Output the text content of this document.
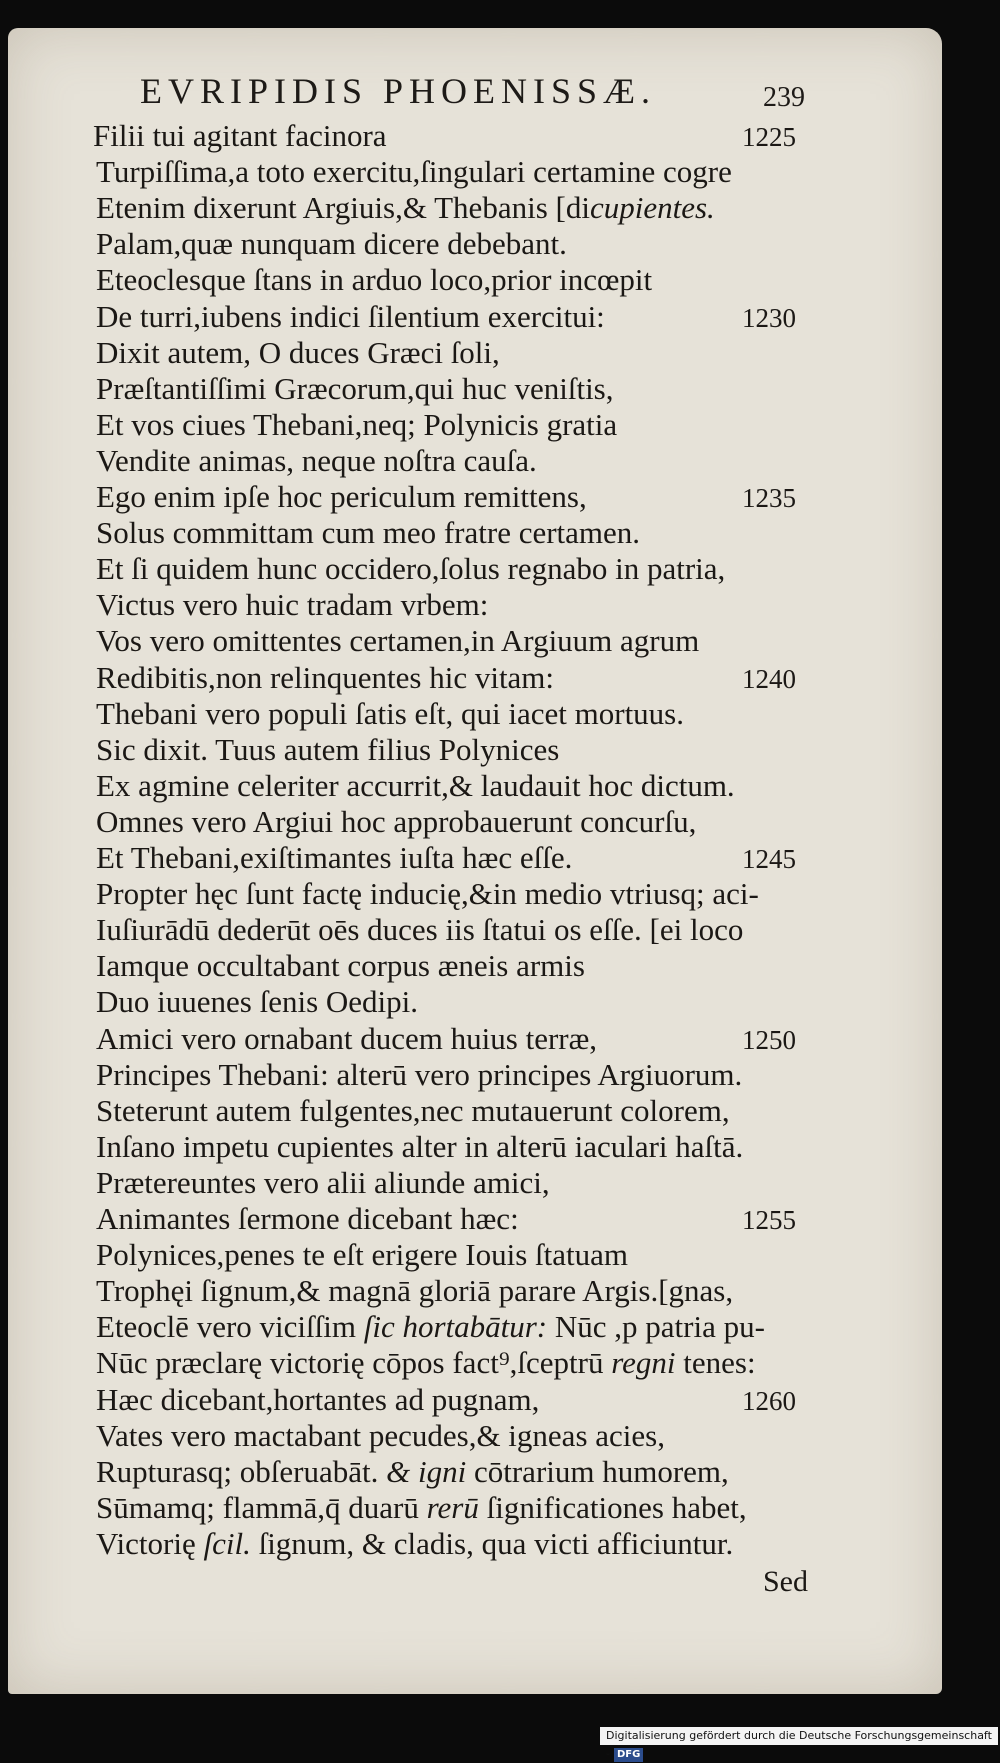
EVRIPIDIS PHOENISSÆ.	239
Filii tui agitant facinora	1225
Turpiſſima,a toto exercitu,ſingulari certamine cogre
Etenim dixerunt Argiuis,& Thebanis [dicupientes.
Palam,quæ nunquam dicere debebant.
Eteoclesque ſtans in arduo loco,prior incœpit
De turri,iubens indici ſilentium exercitui:	1230
Dixit autem, O duces Græci ſoli,
Præſtantiſſimi Græcorum,qui huc veniſtis,
Et vos ciues Thebani,neq; Polynicis gratia
Vendite animas, neque noſtra cauſa.
Ego enim ipſe hoc periculum remittens,	1235
Solus committam cum meo fratre certamen.
Et ſi quidem hunc occidero,ſolus regnabo in patria,
Victus vero huic tradam vrbem:
Vos vero omittentes certamen,in Argiuum agrum
Redibitis,non relinquentes hic vitam:	1240
Thebani vero populi ſatis eſt, qui iacet mortuus.
Sic dixit. Tuus autem filius Polynices
Ex agmine celeriter accurrit,& laudauit hoc dictum.
Omnes vero Argiui hoc approbauerunt concurſu,
Et Thebani,exiſtimantes iuſta hæc eſſe.	1245
Propter hęc ſunt factę inducię,&in medio vtriusq; aci-
Iuſiurādū dederūt oēs duces iis ſtatui os eſſe. [ei loco
Iamque occultabant corpus æneis armis
Duo iuuenes ſenis Oedipi.
Amici vero ornabant ducem huius terræ,	1250
Principes Thebani: alterū vero principes Argiuorum.
Steterunt autem fulgentes,nec mutauerunt colorem,
Inſano impetu cupientes alter in alterū iaculari haſtā.
Prætereuntes vero alii aliunde amici,
Animantes ſermone dicebant hæc:	1255
Polynices,penes te eſt erigere Iouis ſtatuam
Trophęi ſignum,& magnā gloriā parare Argis.[gnas,
Eteoclē vero viciſſim ſic hortabātur: Nūc ,p patria pu-
Nūc præclarę victorię cōpos fact⁹,ſceptrū regni tenes:
Hæc dicebant,hortantes ad pugnam,	1260
Vates vero mactabant pecudes,& igneas acies,
Rupturasq; obſeruabāt. & igni cōtrarium humorem,
Sūmamq; flammā,q̄ duarū rerū ſignificationes habet,
Victorię ſcil. ſignum, & cladis, qua victi afficiuntur.
Sed
Digitalisierung gefördert durch die Deutsche Forschungsgemeinschaft - DFG
